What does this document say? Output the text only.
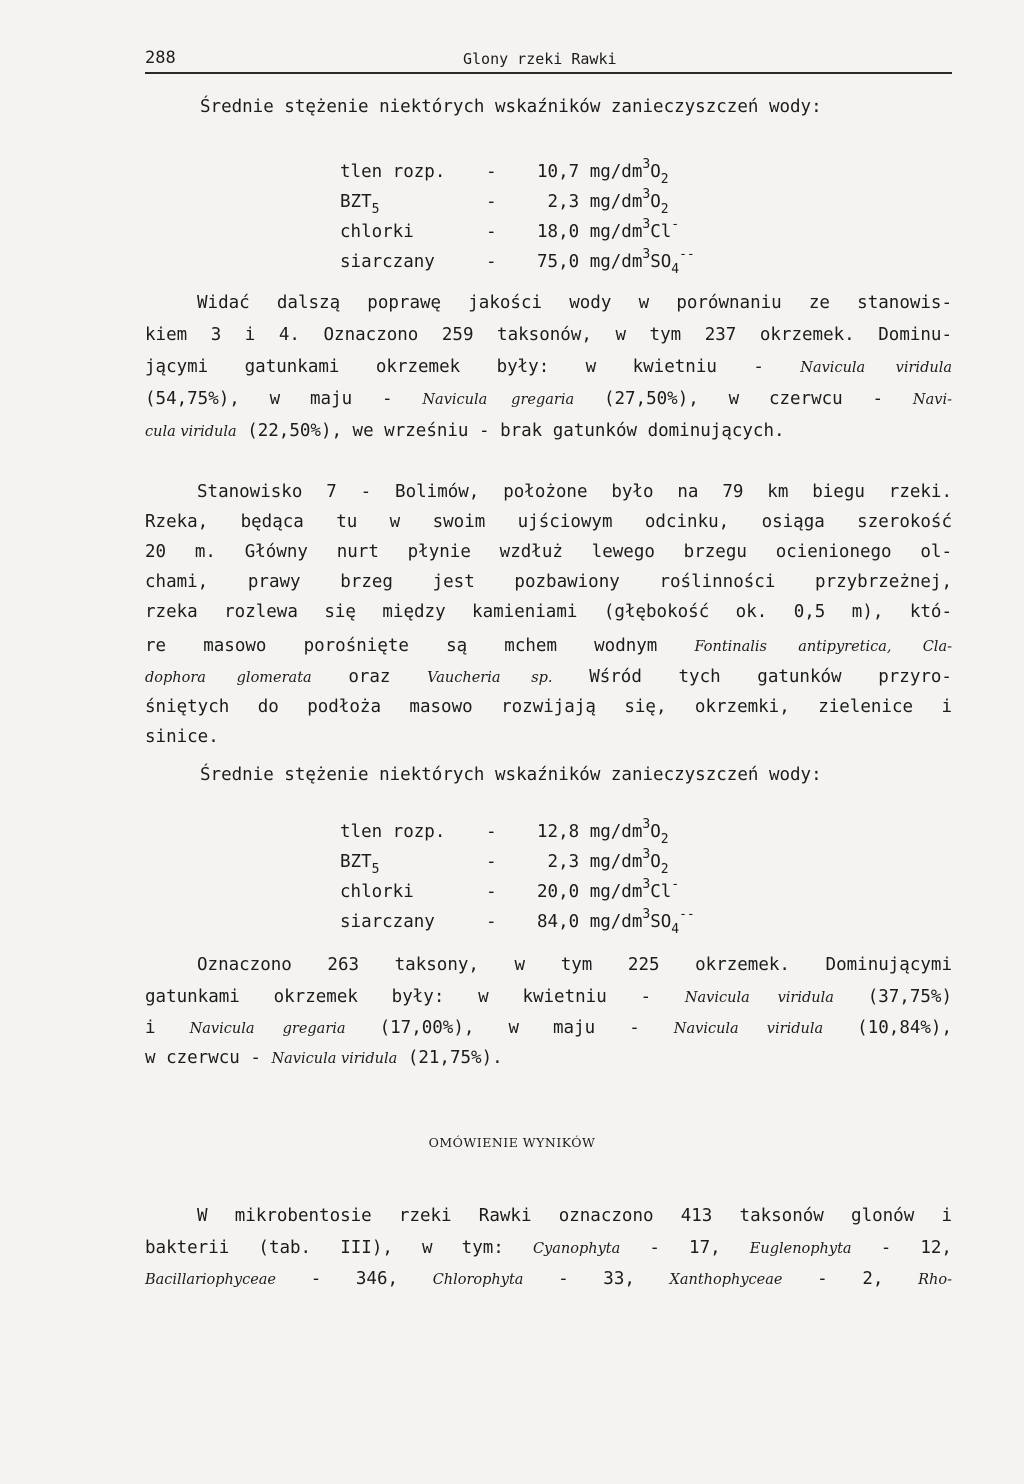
288	Glony rzeki Rawki
Średnie stężenie niektórych wskaźników zanieczyszczeń wody:
tlen rozp. - 10,7 $mg/dm^3O_2$
$BZT_5$	-	2,3 $mg/dm^3O_2$
chlorki	- 18,0 $mg/dm^3Cl^-$
siarczany	- 75,0 $mg/dm^3SO_4^{--}$
Widać dalszą poprawę jakości wody w porównaniu ze stanowis-
kiem 3 i 4. Oznaczono 259 taksonów, w tym 237 okrzemek. Dominu-
jącymi gatunkami okrzemek były: w kwietniu -	Navicula viridula
(54,75%), w maju - Navicula gregaria (27,50%), w czerwcu - Navi-
cula viridula (22,50%), we wrześniu - brak gatunków dominujących.
Stanowisko 7 - Bolimów, położone było na 79 km biegu rzeki.
Rzeka, będąca tu w swoim ujściowym odcinku, osiąga szerokość
20 m. Główny nurt płynie wzdłuż lewego brzegu ocienionego ol-
chami, prawy brzeg jest pozbawiony roślinności przybrzeżnej,
rzeka rozlewa się między kamieniami (głębokość ok. 0,5 m), któ-
re masowo porośnięte są mchem wodnym	Fontinalis antipyretica, Cla-
dophora glomerata oraz	Vaucheria sp. Wśród tych gatunków przyro-
śniętych do podłoża masowo rozwijają się, okrzemki, zielenice i
sinice.
Średnie stężenie niektórych wskaźników zanieczyszczeń wody:
tlen rozp. - 12,8 $mg/dm^3O_2$
$BZT_5$	-	2,3 $mg/dm^3O_2$
chlorki	- 20,0 $mg/dm^3Cl^-$
siarczany	- 84,0 $mg/dm^3SO_4^{--}$
Oznaczono 263 taksony, w tym 225 okrzemek. Dominującymi
gatunkami okrzemek były: w kwietniu - Navicula viridula (37,75%)
i Navicula gregaria (17,00%), w maju - Navicula viridula (10,84%),
w czerwcu - Navicula viridula (21,75%).
OMÓWIENIE WYNIKÓW
W mikrobentosie rzeki Rawki oznaczono 413 taksonów glonów i
bakterii (tab. III), w tym: Cyanophyta - 17, Euglenophyta - 12,
Bacillariophyceae - 346, Chlorophyta - 33, Xanthophyceae - 2, Rho-
